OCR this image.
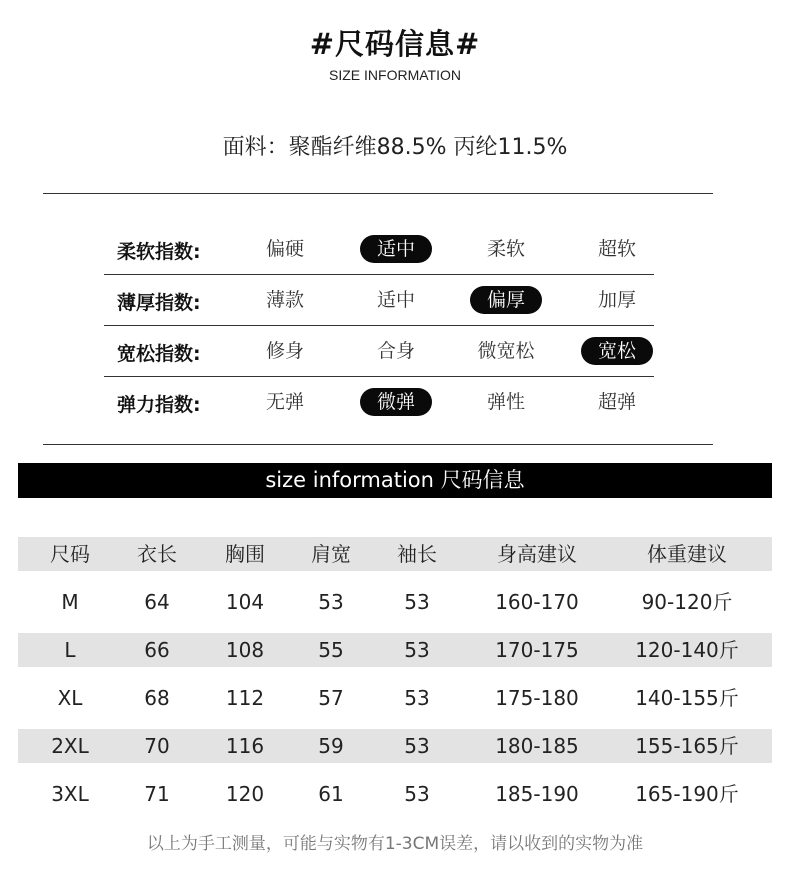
#尺码信息#
SIZE INFORMATION
面料：聚酯纤维88.5% 丙纶11.5%
柔软指数:	偏硬	适中	柔软	超软
薄厚指数:	薄款	适中	偏厚	加厚
宽松指数:	修身	合身	微宽松	宽松
弹力指数:	无弹	微弹	弹性	超弹
size information 尺码信息
尺码	衣长	胸围	肩宽	袖长	身高建议	体重建议
M	64	104	53	53	160-170	90-120斤
L	66	108	55	53	170-175	120-140斤
XL	68	112	57	53	175-180	140-155斤
2XL	70	116	59	53	180-185	155-165斤
3XL	71	120	61	53	185-190	165-190斤
以上为手工测量，可能与实物有1-3CM误差，请以收到的实物为准
